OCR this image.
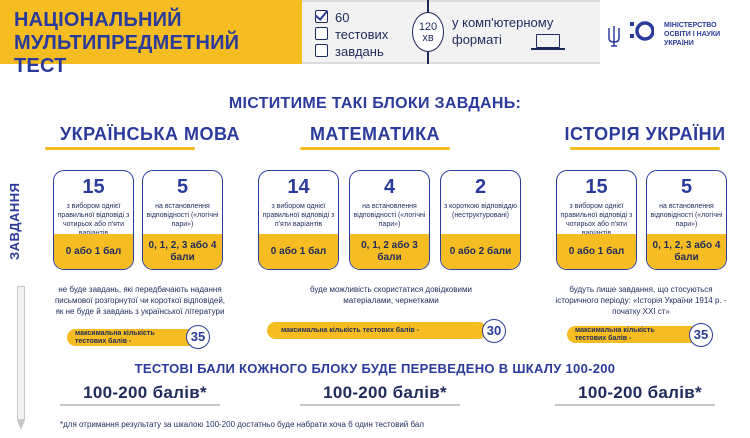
НАЦІОНАЛЬНИЙ
МУЛЬТИПРЕДМЕТНИЙ ТЕСТ
60
тестових
завдань
120
хв
у комп'ютерному
форматі
МІНІСТЕРСТВО
ОСВІТИ І НАУКИ
УКРАЇНИ
МІСТИТИМЕ ТАКІ БЛОКИ ЗАВДАНЬ:
ЗАВДАННЯ
УКРАЇНСЬКА МОВА
15
з вибором однієї правильної відповіді з чотирьох або п'яти
0 або 1 бал
5
на встановлення відповідності («логічні пари»)
0, 1, 2, 3 або 4 бали
не буде завдань, які передбачають надання письмової розгорнутої чи короткої відповідей, як не буде й завдань з української літератури
максимальна кількість тестових балів -	35
МАТЕМАТИКА
14
з вибором однієї правильної відповіді з п'яти варіантів
0 або 1 бал
4
на встановлення відповідності («логічні пари»)
0, 1, 2 або 3 бали
2
з короткою відповіддю (неструктуровані)
0 або 2 бали
буде можливість скористатися довідковими матеріалами, чернетками
максимальна кількість тестових балів -	30
ІСТОРІЯ УКРАЇНИ
15
з вибором однієї правильної відповіді з чотирьох або п'яти
0 або 1 бал
5
на встановлення відповідності («логічні пари»)
0, 1, 2, 3 або 4 бали
будуть лише завдання, що стосуються історичного періоду: «Історія України 1914 р. - початку ХХІ ст»
максимальна кількість тестових балів -	35
ТЕСТОВІ БАЛИ КОЖНОГО БЛОКУ БУДЕ ПЕРЕВЕДЕНО В ШКАЛУ 100-200
100-200 балів*	100-200 балів*	100-200 балів*
*для отримання результату за шкалою 100-200 достатньо буде набрати хоча б один тестовий бал
